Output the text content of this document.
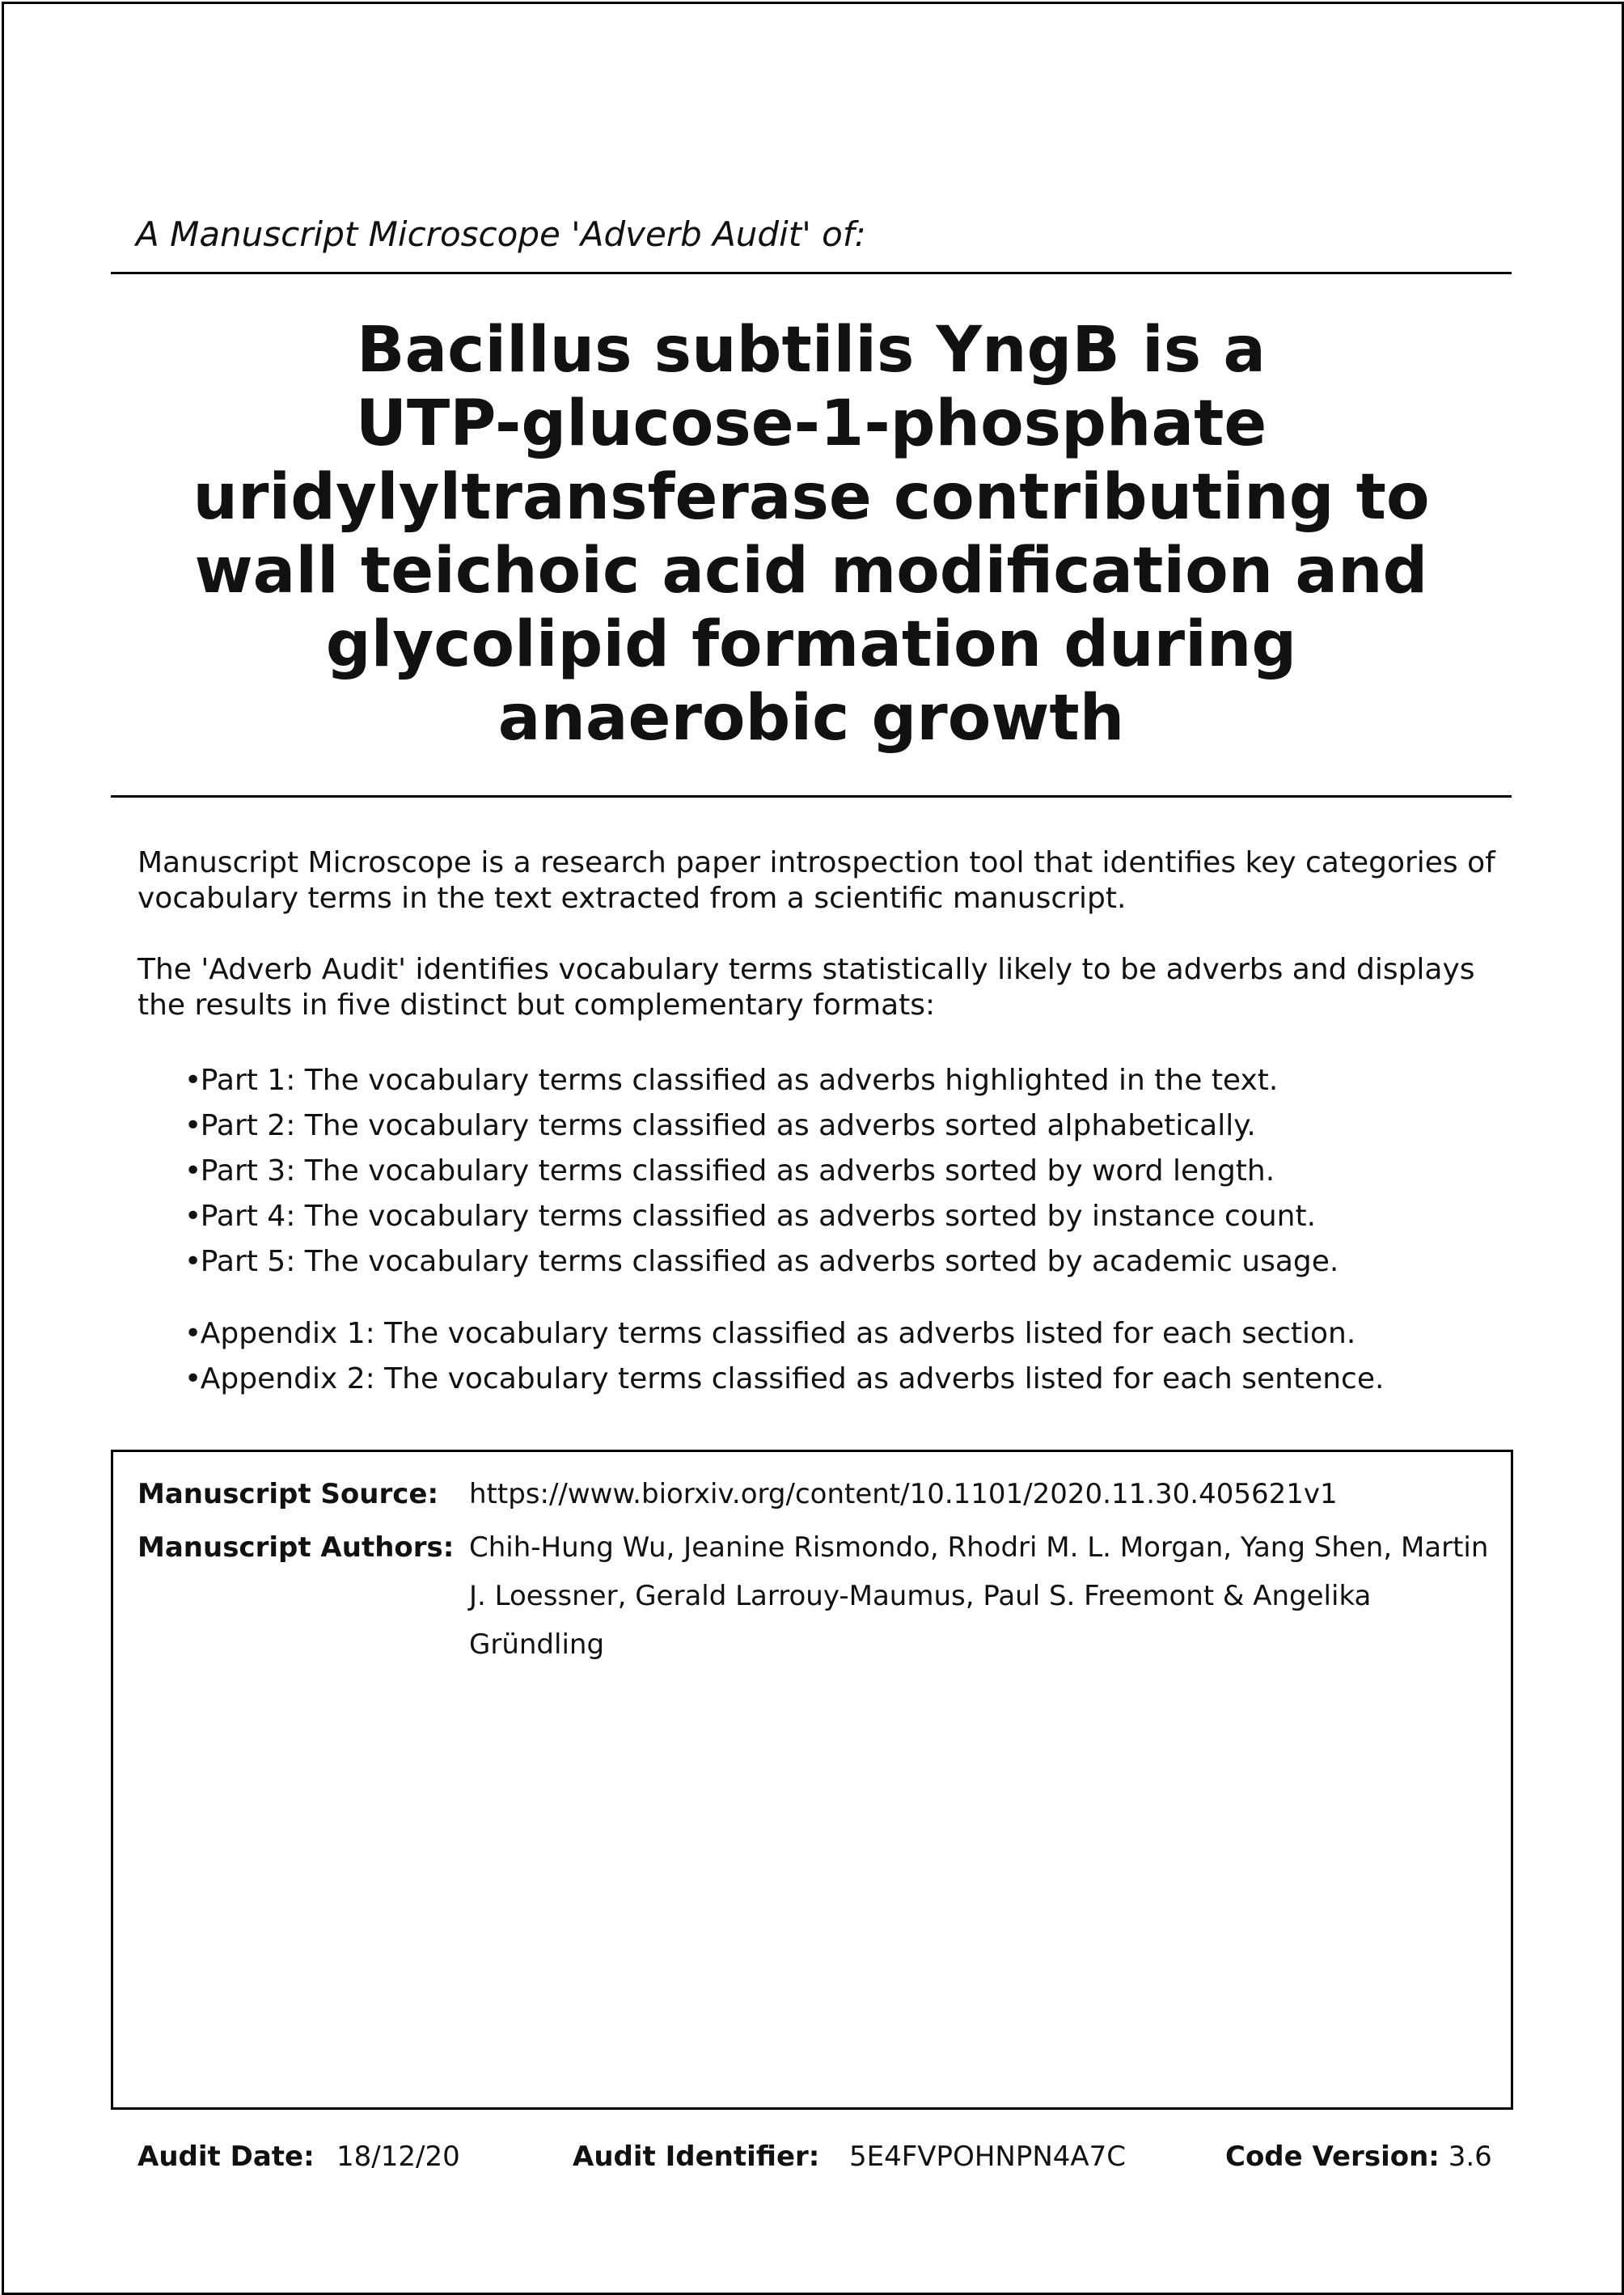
A Manuscript Microscope 'Adverb Audit' of:
Bacillus subtilis YngB is a
UTP-glucose-1-phosphate
uridylyltransferase contributing to
wall teichoic acid modification and
glycolipid formation during
anaerobic growth

Manuscript Microscope is a research paper introspection tool that identifies key categories of vocabulary terms in the text extracted from a scientific manuscript.

The 'Adverb Audit' identifies vocabulary terms statistically likely to be adverbs and displays the results in five distinct but complementary formats:

• Part 1: The vocabulary terms classified as adverbs highlighted in the text.
• Part 2: The vocabulary terms classified as adverbs sorted alphabetically.
• Part 3: The vocabulary terms classified as adverbs sorted by word length.
• Part 4: The vocabulary terms classified as adverbs sorted by instance count.
• Part 5: The vocabulary terms classified as adverbs sorted by academic usage.
• Appendix 1: The vocabulary terms classified as adverbs listed for each section.
• Appendix 2: The vocabulary terms classified as adverbs listed for each sentence.
Manuscript Source: https://www.biorxiv.org/content/10.1101/2020.11.30.405621v1
Manuscript Authors: Chih-Hung Wu, Jeanine Rismondo, Rhodri M. L. Morgan, Yang Shen, Martin J. Loessner, Gerald Larrouy-Maumus, Paul S. Freemont & Angelika Gründling
Audit Date: 18/12/20	Audit Identifier: 5E4FVPOHNPN4A7C	Code Version: 3.6
